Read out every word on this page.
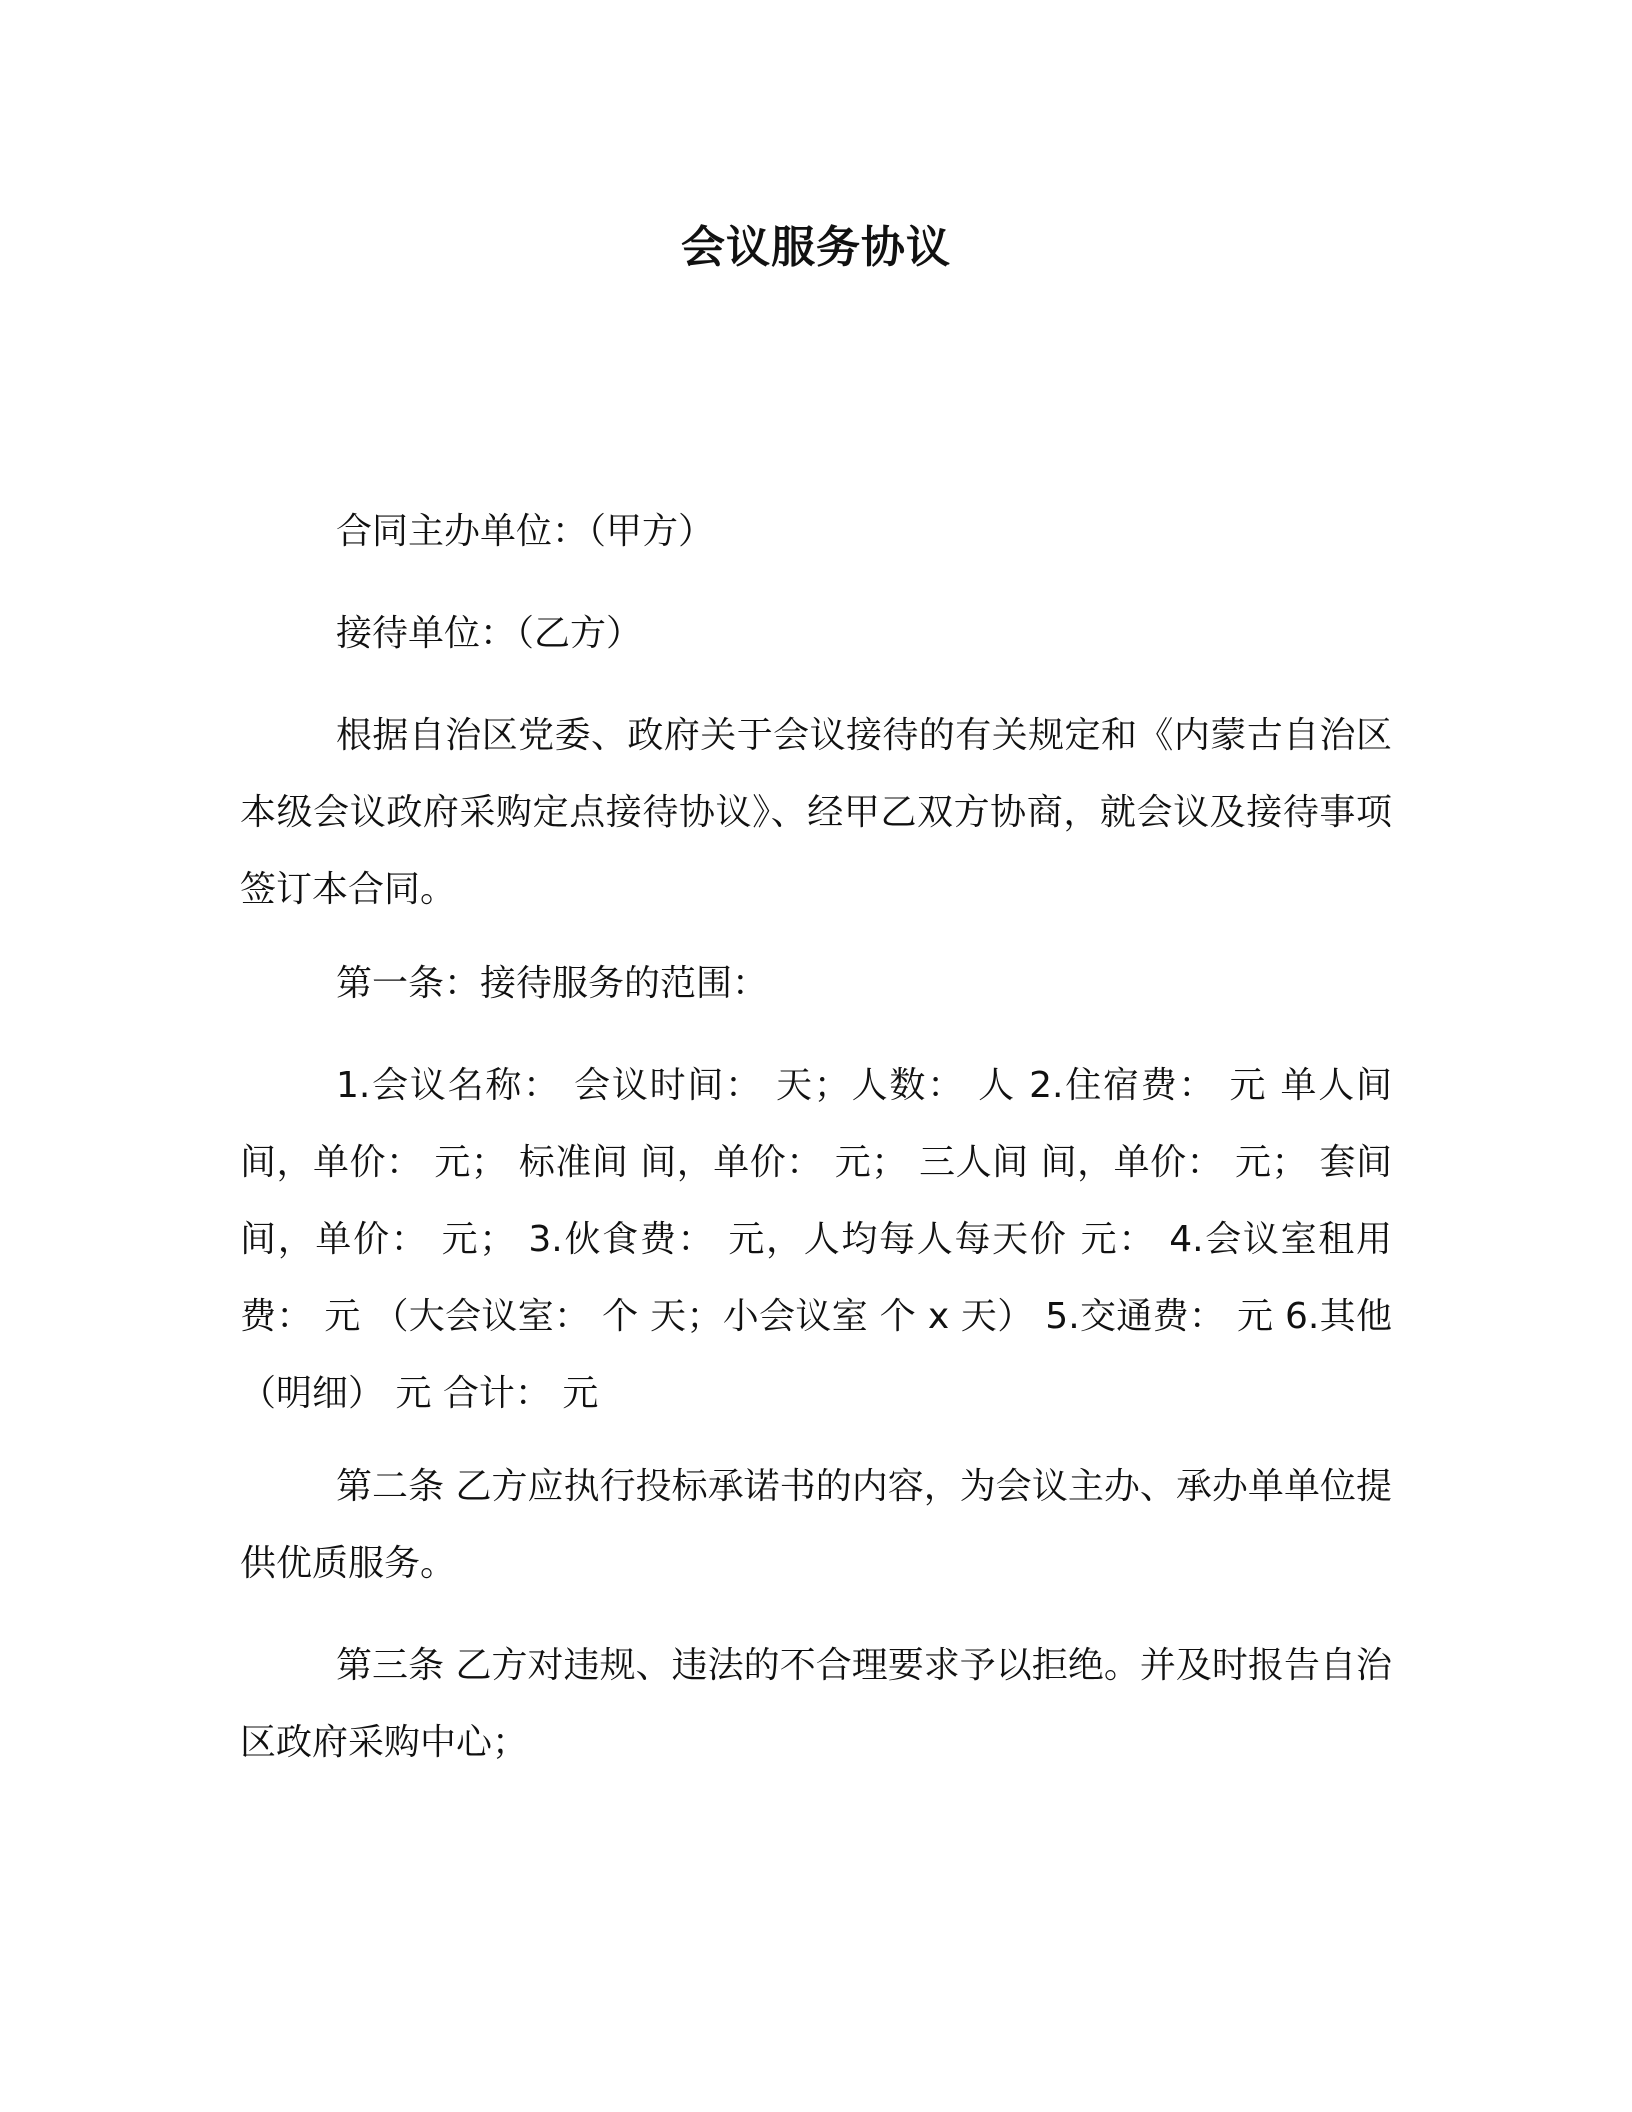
会议服务协议

合同主办单位：（甲方）

接待单位：（乙方）

根据自治区党委、政府关于会议接待的有关规定和《内蒙古自治区本级会议政府采购定点接待协议》、经甲乙双方协商，就会议及接待事项签订本合同。

第一条：接待服务的范围：

1.会议名称： 会议时间： 天；人数： 人 2.住宿费： 元 单人间间，单价： 元； 标准间 间，单价： 元； 三人间 间，单价： 元； 套间间，单价： 元； 3.伙食费： 元，人均每人每天价 元： 4.会议室租用费： 元 （大会议室： 个 天；小会议室 个 x 天） 5.交通费： 元 6.其他（明细） 元 合计： 元

第二条 乙方应执行投标承诺书的内容，为会议主办、承办单单位提供优质服务。

第三条 乙方对违规、违法的不合理要求予以拒绝。并及时报告自治区政府采购中心；
